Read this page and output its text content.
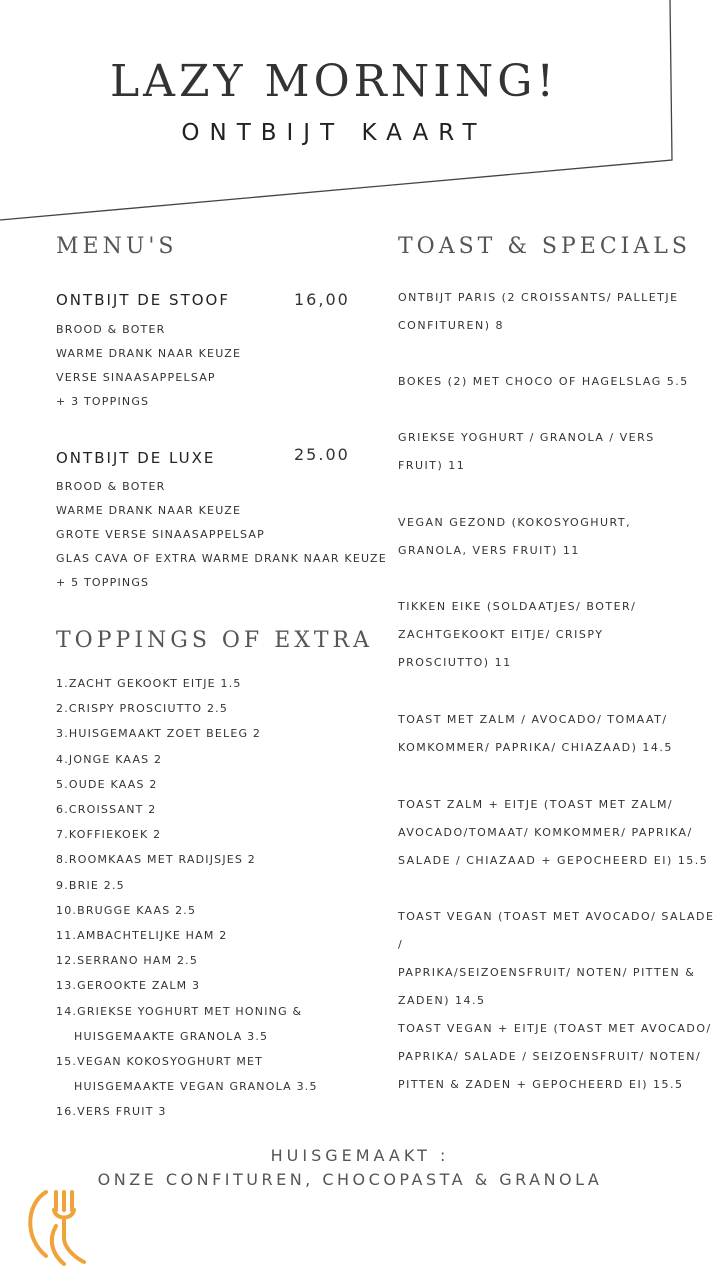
LAZY MORNING!
ONTBIJT KAART
MENU'S
ONTBIJT DE STOOF	16,00
BROOD & BOTER
WARME DRANK NAAR KEUZE
VERSE SINAASAPPELSAP
+ 3 TOPPINGS
ONTBIJT DE LUXE	25.00
BROOD & BOTER
WARME DRANK NAAR KEUZE
GROTE VERSE SINAASAPPELSAP
GLAS CAVA OF EXTRA WARME DRANK NAAR KEUZE
+ 5 TOPPINGS
TOPPINGS OF EXTRA
1.ZACHT GEKOOKT EITJE 1.5
2.CRISPY PROSCIUTTO 2.5
3.HUISGEMAAKT ZOET BELEG 2
4.JONGE KAAS 2
5.OUDE KAAS 2
6.CROISSANT 2
7.KOFFIEKOEK 2
8.ROOMKAAS MET RADIJSJES 2
9.BRIE 2.5
10.BRUGGE KAAS 2.5
11.AMBACHTELIJKE HAM 2
12.SERRANO HAM 2.5
13.GEROOKTE ZALM 3
14.GRIEKSE YOGHURT MET HONING &
HUISGEMAAKTE GRANOLA 3.5
15.VEGAN KOKOSYOGHURT MET
HUISGEMAAKTE VEGAN GRANOLA 3.5
16.VERS FRUIT 3
TOAST & SPECIALS
ONTBIJT PARIS (2 CROISSANTS/ PALLETJE
CONFITUREN) 8
BOKES (2) MET CHOCO OF HAGELSLAG 5.5
GRIEKSE YOGHURT / GRANOLA / VERS
FRUIT) 11
VEGAN GEZOND (KOKOSYOGHURT,
GRANOLA, VERS FRUIT) 11
TIKKEN EIKE (SOLDAATJES/ BOTER/
ZACHTGEKOOKT EITJE/ CRISPY
PROSCIUTTO) 11
TOAST MET ZALM / AVOCADO/ TOMAAT/
KOMKOMMER/ PAPRIKA/ CHIAZAAD) 14.5
TOAST ZALM + EITJE (TOAST MET ZALM/
AVOCADO/TOMAAT/ KOMKOMMER/ PAPRIKA/
SALADE / CHIAZAAD + GEPOCHEERD EI) 15.5
TOAST VEGAN (TOAST MET AVOCADO/ SALADE /
PAPRIKA/SEIZOENSFRUIT/ NOTEN/ PITTEN &
ZADEN) 14.5
TOAST VEGAN + EITJE (TOAST MET AVOCADO/
PAPRIKA/ SALADE / SEIZOENSFRUIT/ NOTEN/
PITTEN & ZADEN + GEPOCHEERD EI) 15.5
HUISGEMAAKT :
ONZE CONFITUREN, CHOCOPASTA & GRANOLA
